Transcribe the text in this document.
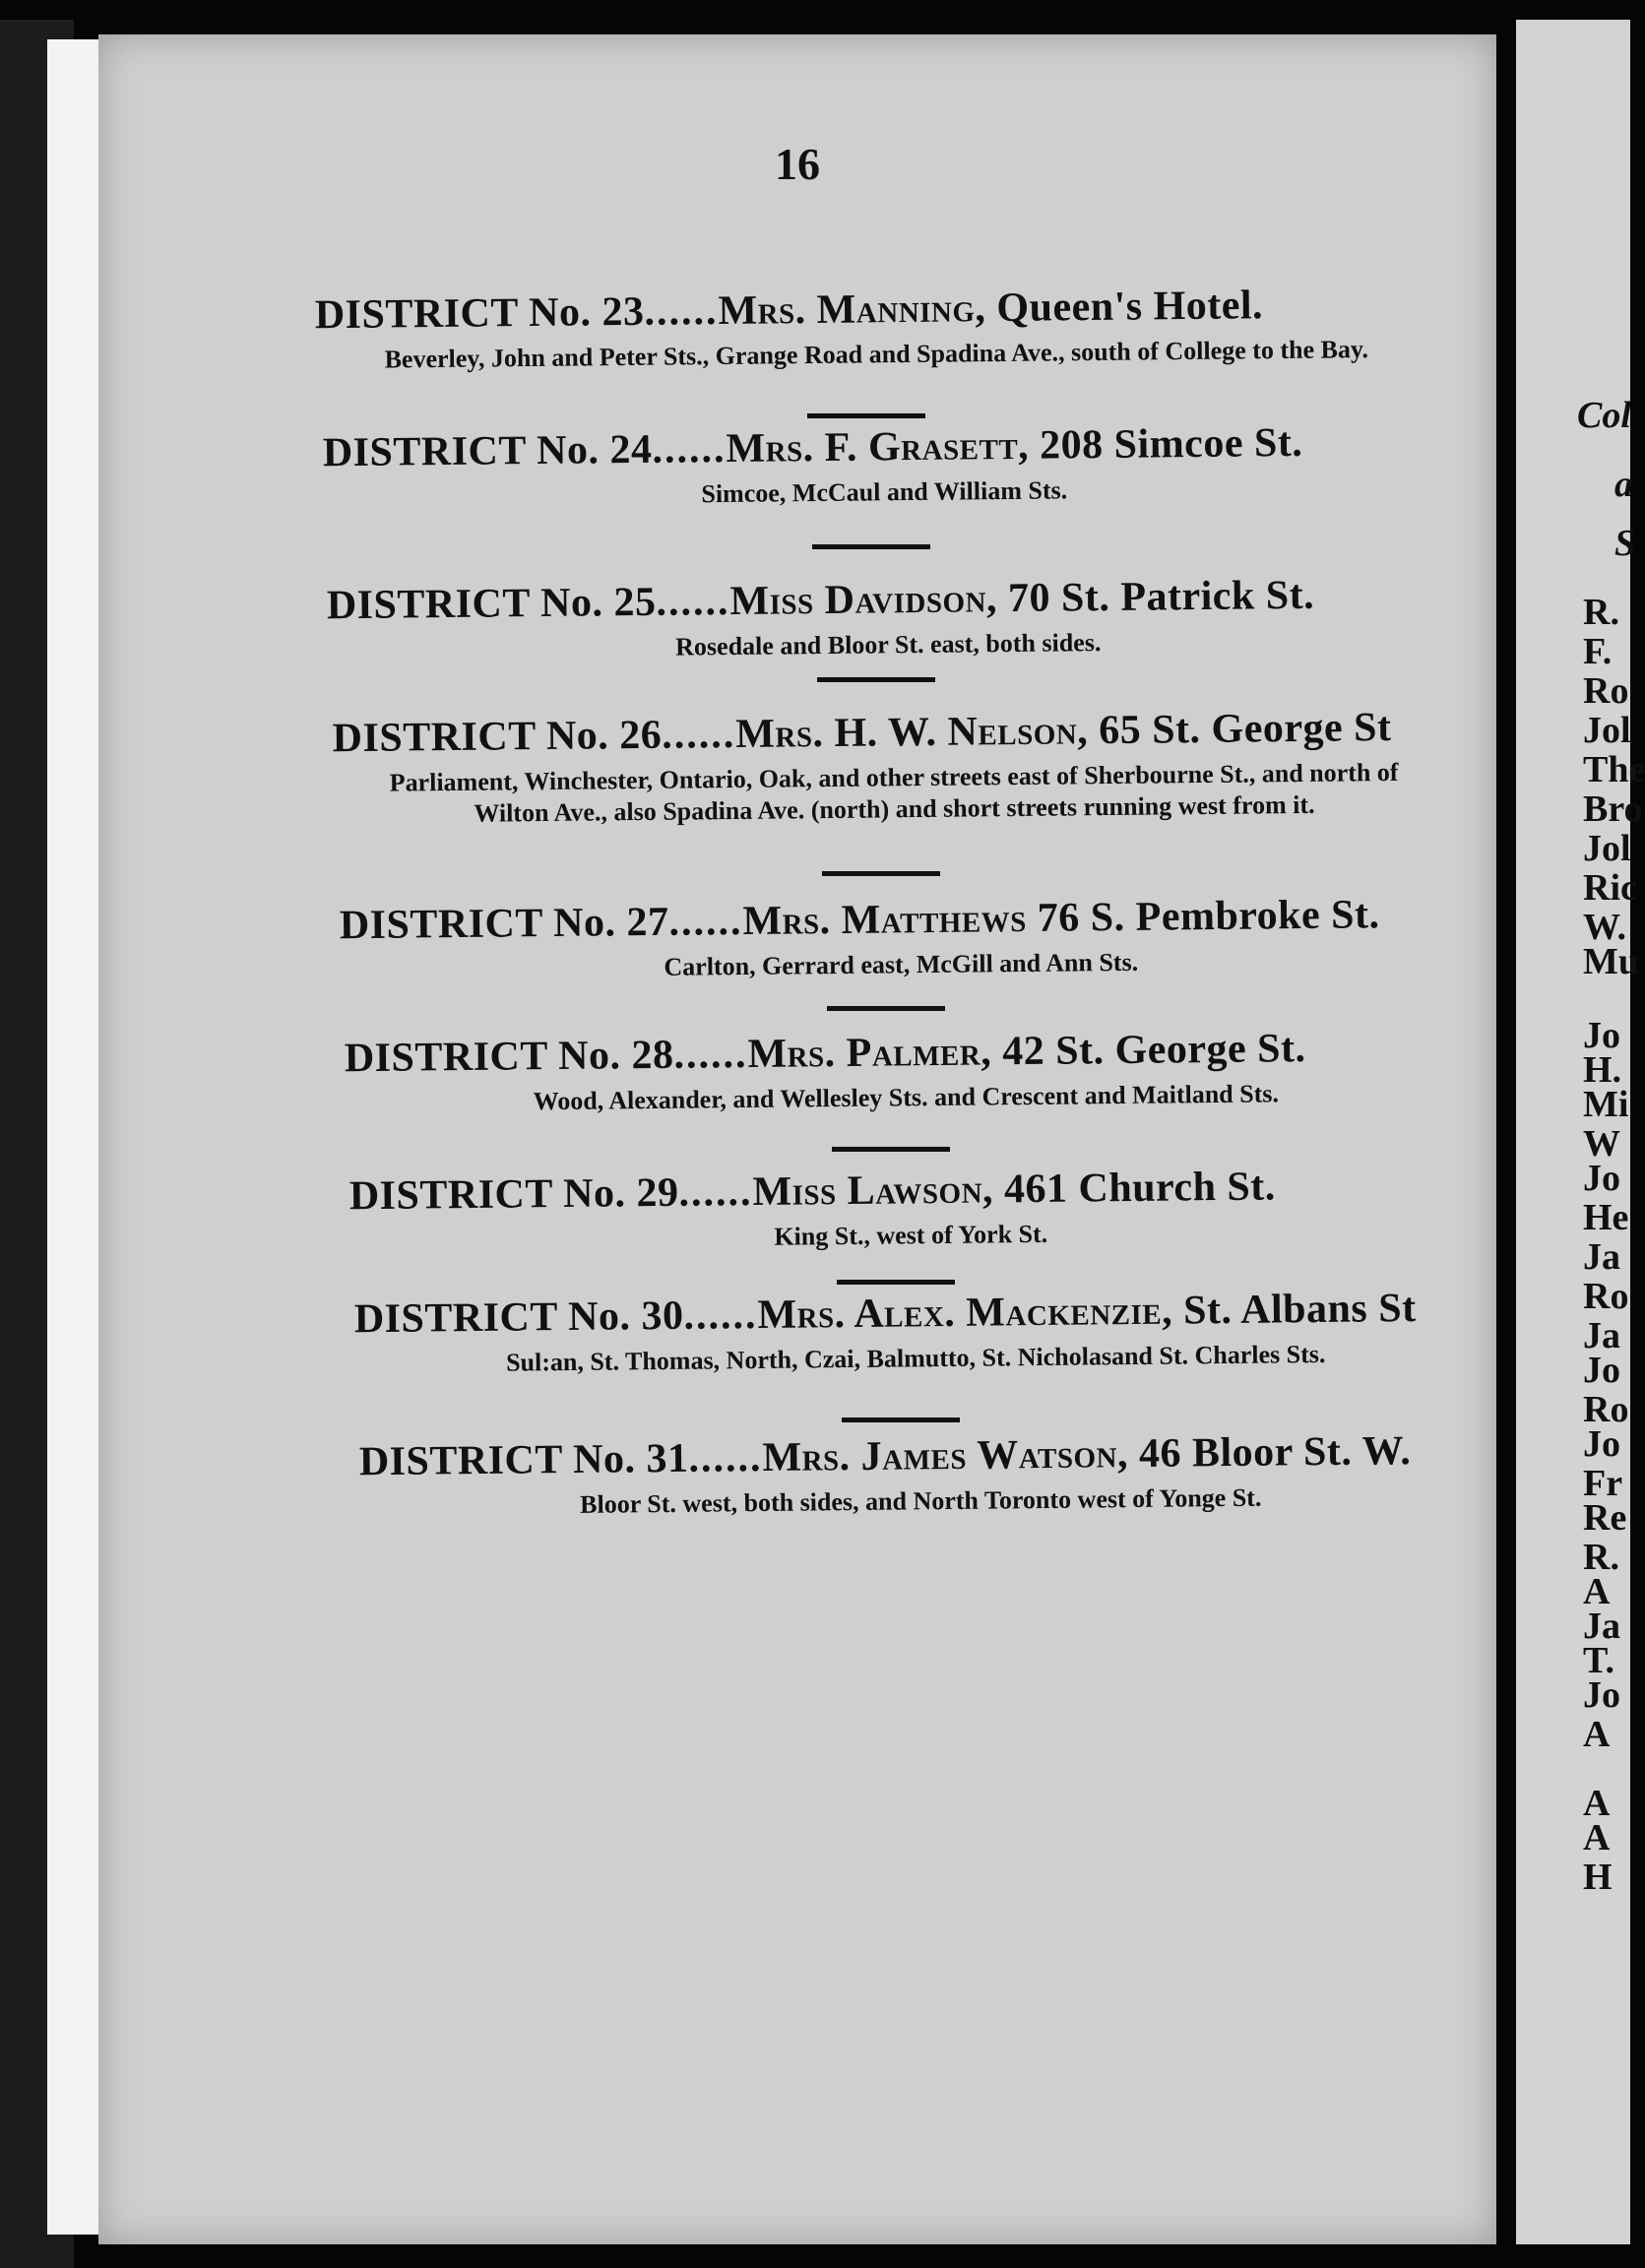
16
DISTRICT No. 23......Mrs. Manning, Queen's Hotel.
Beverley, John and Peter Sts., Grange Road and Spadina Ave., south of College to the Bay.
DISTRICT No. 24......Mrs. F. Grasett, 208 Simcoe St.
Simcoe, McCaul and William Sts.
DISTRICT No. 25......Miss Davidson, 70 St. Patrick St.
Rosedale and Bloor St. east, both sides.
DISTRICT No. 26......Mrs. H. W. Nelson, 65 St. George St
Parliament, Winchester, Ontario, Oak, and other streets east of Sherbourne St., and north of Wilton Ave., also Spadina Ave. (north) and short streets running west from it.
DISTRICT No. 27......Mrs. Matthews 76 S. Pembroke St.
Carlton, Gerrard east, McGill and Ann Sts.
DISTRICT No. 28......Mrs. Palmer, 42 St. George St.
Wood, Alexander, and Wellesley Sts. and Crescent and Maitland Sts.
DISTRICT No. 29......Miss Lawson, 461 Church St.
King St., west of York St.
DISTRICT No. 30......Mrs. Alex. Mackenzie, St. Albans St
Sul:an, St. Thomas, North, Czai, Balmutto, St. Nicholasand St. Charles Sts.
DISTRICT No. 31......Mrs. James Watson, 46 Bloor St. W.
Bloor St. west, both sides, and North Toronto west of Yonge St.
Col
a
S
R.
F.
Ro
Jol
The
Bro
Jol
Ric
W.
Mu
Jo
H.
Mi
W
Jo
He
Ja
Ro
Ja
Jo
Ro
Jo
Fr
Re
R.
A
Ja
T.
Jo
A
A
A
H
